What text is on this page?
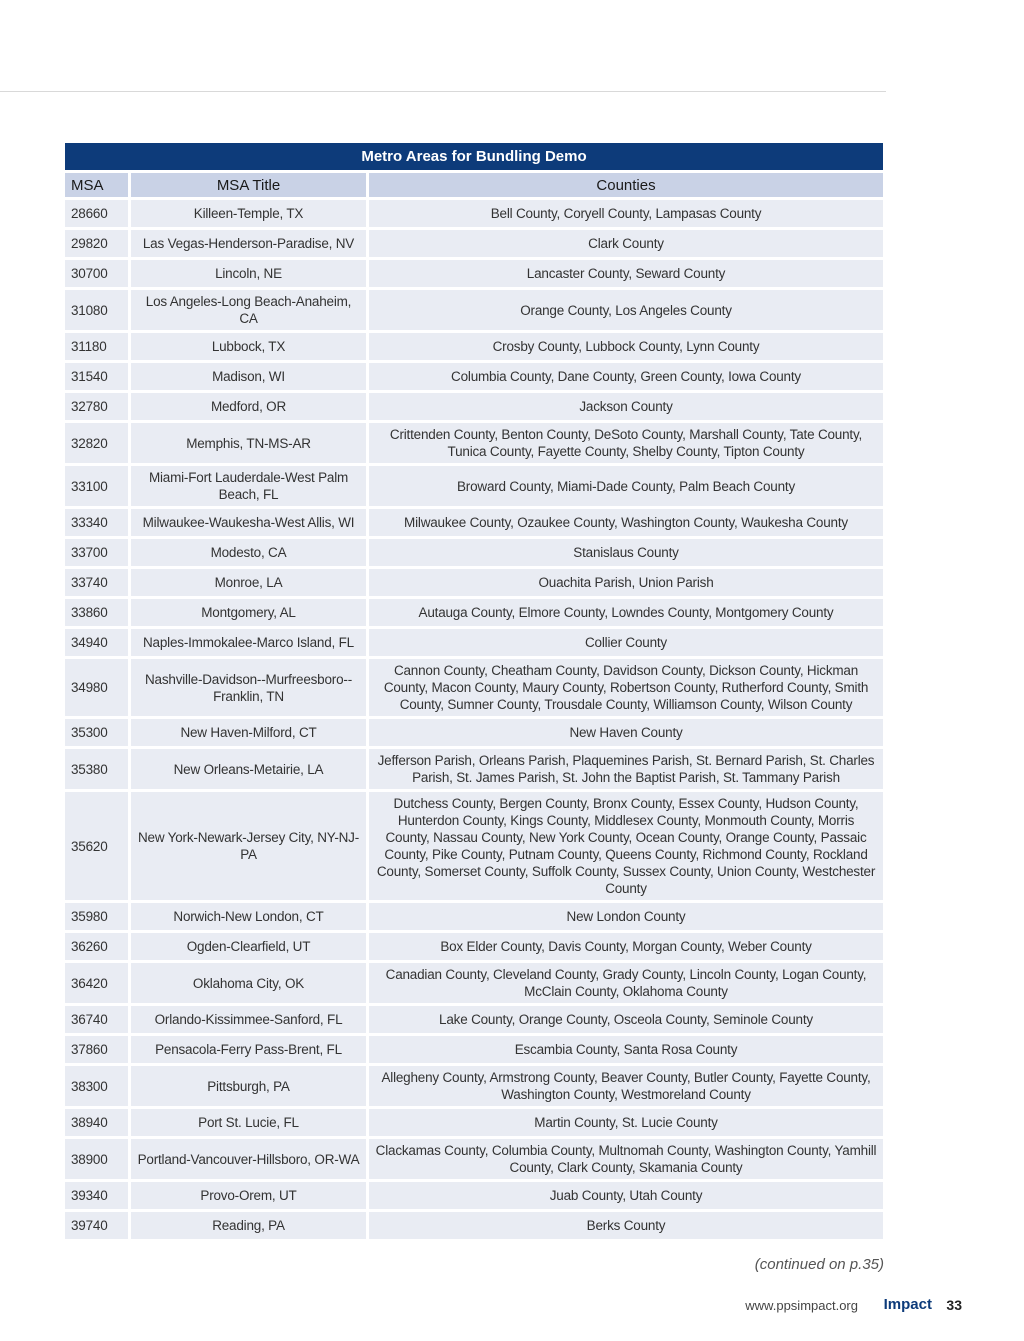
Metro Areas for Bundling Demo
MSA	MSA Title	Counties
28660	Killeen-Temple, TX	Bell County, Coryell County, Lampasas County
29820	Las Vegas-Henderson-Paradise, NV	Clark County
30700	Lincoln, NE	Lancaster County, Seward County
31080	Los Angeles-Long Beach-Anaheim, CA	Orange County, Los Angeles County
31180	Lubbock, TX	Crosby County, Lubbock County, Lynn County
31540	Madison, WI	Columbia County, Dane County, Green County, Iowa County
32780	Medford, OR	Jackson County
32820	Memphis, TN-MS-AR	Crittenden County, Benton County, DeSoto County, Marshall County, Tate County, Tunica County, Fayette County, Shelby County, Tipton County
33100	Miami-Fort Lauderdale-West Palm Beach, FL	Broward County, Miami-Dade County, Palm Beach County
33340	Milwaukee-Waukesha-West Allis, WI	Milwaukee County, Ozaukee County, Washington County, Waukesha County
33700	Modesto, CA	Stanislaus County
33740	Monroe, LA	Ouachita Parish, Union Parish
33860	Montgomery, AL	Autauga County, Elmore County, Lowndes County, Montgomery County
34940	Naples-Immokalee-Marco Island, FL	Collier County
34980	Nashville-Davidson--Murfreesboro--Franklin, TN	Cannon County, Cheatham County, Davidson County, Dickson County, Hickman County, Macon County, Maury County, Robertson County, Rutherford County, Smith County, Sumner County, Trousdale County, Williamson County, Wilson County
35300	New Haven-Milford, CT	New Haven County
35380	New Orleans-Metairie, LA	Jefferson Parish, Orleans Parish, Plaquemines Parish, St. Bernard Parish, St. Charles Parish, St. James Parish, St. John the Baptist Parish, St. Tammany Parish
35620	New York-Newark-Jersey City, NY-NJ-PA	Dutchess County, Bergen County, Bronx County, Essex County, Hudson County, Hunterdon County, Kings County, Middlesex County, Monmouth County, Morris County, Nassau County, New York County, Ocean County, Orange County, Passaic County, Pike County, Putnam County, Queens County, Richmond County, Rockland County, Somerset County, Suffolk County, Sussex County, Union County, Westchester County
35980	Norwich-New London, CT	New London County
36260	Ogden-Clearfield, UT	Box Elder County, Davis County, Morgan County, Weber County
36420	Oklahoma City, OK	Canadian County, Cleveland County, Grady County, Lincoln County, Logan County, McClain County, Oklahoma County
36740	Orlando-Kissimmee-Sanford, FL	Lake County, Orange County, Osceola County, Seminole County
37860	Pensacola-Ferry Pass-Brent, FL	Escambia County, Santa Rosa County
38300	Pittsburgh, PA	Allegheny County, Armstrong County, Beaver County, Butler County, Fayette County, Washington County, Westmoreland County
38940	Port St. Lucie, FL	Martin County, St. Lucie County
38900	Portland-Vancouver-Hillsboro, OR-WA	Clackamas County, Columbia County, Multnomah County, Washington County, Yamhill County, Clark County, Skamania County
39340	Provo-Orem, UT	Juab County, Utah County
39740	Reading, PA	Berks County
(continued on p.35)
www.ppsimpact.org Impact 33
